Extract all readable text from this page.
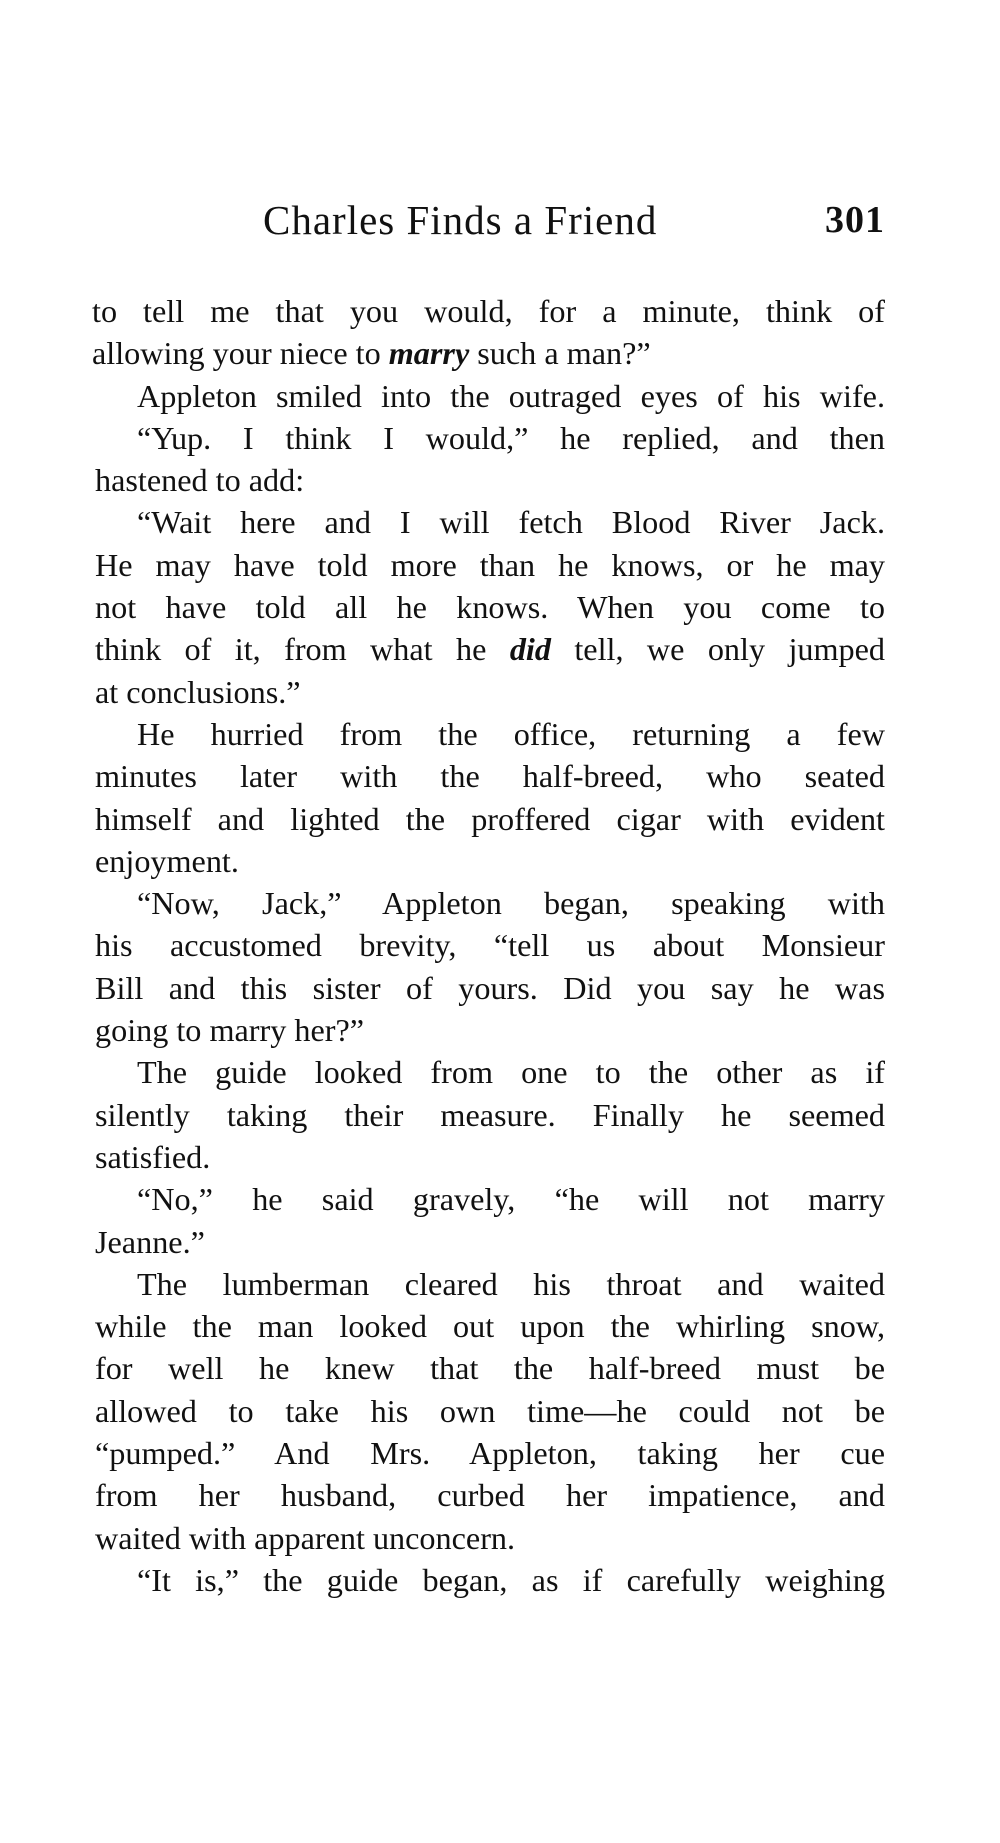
Charles Finds a Friend	301
to tell me that you would, for a minute, think of
allowing your niece to marry such a man?”
Appleton smiled into the outraged eyes of his wife.
“Yup. I think I would,” he replied, and then
hastened to add:
“Wait here and I will fetch Blood River Jack.
He may have told more than he knows, or he may
not have told all he knows. When you come to
think of it, from what he did tell, we only jumped
at conclusions.”
He hurried from the office, returning a few
minutes later with the half-breed, who seated
himself and lighted the proffered cigar with evident
enjoyment.
“Now, Jack,” Appleton began, speaking with
his accustomed brevity, “tell us about Monsieur
Bill and this sister of yours. Did you say he was
going to marry her?”
The guide looked from one to the other as if
silently taking their measure. Finally he seemed
satisfied.
“No,” he said gravely, “he will not marry
Jeanne.”
The lumberman cleared his throat and waited
while the man looked out upon the whirling snow,
for well he knew that the half-breed must be
allowed to take his own time—he could not be
“pumped.” And Mrs. Appleton, taking her cue
from her husband, curbed her impatience, and
waited with apparent unconcern.
“It is,” the guide began, as if carefully weighing
